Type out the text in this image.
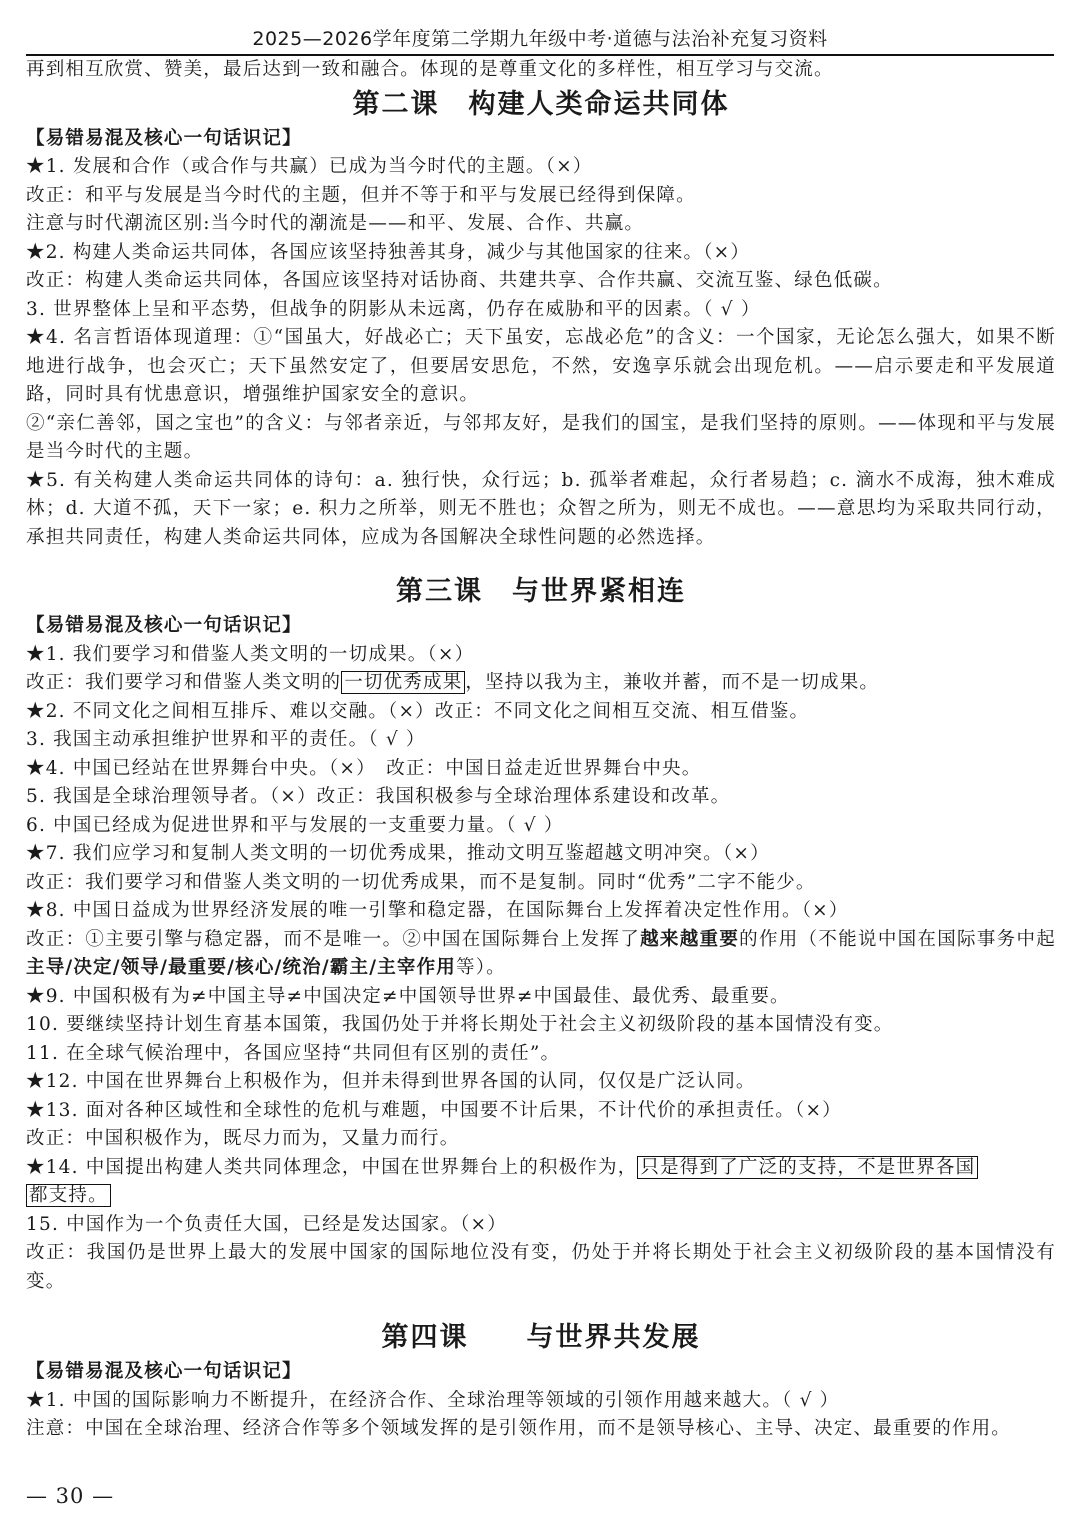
2025—2026学年度第二学期九年级中考·道德与法治补充复习资料
再到相互欣赏、赞美，最后达到一致和融合。体现的是尊重文化的多样性，相互学习与交流。
第二课　构建人类命运共同体
【易错易混及核心一句话识记】
★1. 发展和合作（或合作与共赢）已成为当今时代的主题。（×）
改正：和平与发展是当今时代的主题，但并不等于和平与发展已经得到保障。
注意与时代潮流区别:当今时代的潮流是——和平、发展、合作、共赢。
★2. 构建人类命运共同体，各国应该坚持独善其身，减少与其他国家的往来。（×）
改正：构建人类命运共同体，各国应该坚持对话协商、共建共享、合作共赢、交流互鉴、绿色低碳。
3. 世界整体上呈和平态势，但战争的阴影从未远离，仍存在威胁和平的因素。（ √ ）
★4. 名言哲语体现道理：①“国虽大，好战必亡；天下虽安，忘战必危”的含义：一个国家，无论怎么强大，如果不断地进行战争，也会灭亡；天下虽然安定了，但要居安思危，不然，安逸享乐就会出现危机。——启示要走和平发展道路，同时具有忧患意识，增强维护国家安全的意识。
②“亲仁善邻，国之宝也”的含义：与邻者亲近，与邻邦友好，是我们的国宝，是我们坚持的原则。——体现和平与发展是当今时代的主题。
★5. 有关构建人类命运共同体的诗句：a. 独行快，众行远；b. 孤举者难起，众行者易趋；c. 滴水不成海，独木难成林；d. 大道不孤，天下一家；e. 积力之所举，则无不胜也；众智之所为，则无不成也。——意思均为采取共同行动，承担共同责任，构建人类命运共同体，应成为各国解决全球性问题的必然选择。
第三课　与世界紧相连
【易错易混及核心一句话识记】
★1. 我们要学习和借鉴人类文明的一切成果。（×）
改正：我们要学习和借鉴人类文明的 一切优秀成果 ，坚持以我为主，兼收并蓄，而不是一切成果。
★2. 不同文化之间相互排斥、难以交融。（×）改正：不同文化之间相互交流、相互借鉴。
3. 我国主动承担维护世界和平的责任。（ √ ）
★4. 中国已经站在世界舞台中央。（×）　改正：中国日益走近世界舞台中央。
5. 我国是全球治理领导者。（×）改正：我国积极参与全球治理体系建设和改革。
6. 中国已经成为促进世界和平与发展的一支重要力量。（ √ ）
★7. 我们应学习和复制人类文明的一切优秀成果，推动文明互鉴超越文明冲突。（×）
改正：我们要学习和借鉴人类文明的一切优秀成果，而不是复制。同时“优秀”二字不能少。
★8. 中国日益成为世界经济发展的唯一引擎和稳定器，在国际舞台上发挥着决定性作用。（×）
改正：①主要引擎与稳定器，而不是唯一。②中国在国际舞台上发挥了越来越重要的作用（不能说中国在国际事务中起主导/决定/领导/最重要/核心/统治/霸主/主宰作用等）。
★9. 中国积极有为≠中国主导≠中国决定≠中国领导世界≠中国最佳、最优秀、最重要。
10. 要继续坚持计划生育基本国策，我国仍处于并将长期处于社会主义初级阶段的基本国情没有变。
11. 在全球气候治理中，各国应坚持“共同但有区别的责任”。
★12. 中国在世界舞台上积极作为，但并未得到世界各国的认同，仅仅是广泛认同。
★13. 面对各种区域性和全球性的危机与难题，中国要不计后果，不计代价的承担责任。（×）
改正：中国积极作为，既尽力而为，又量力而行。
★14. 中国提出构建人类共同体理念，中国在世界舞台上的积极作为， 只是得到了广泛的支持，不是世界各国
都支持。
15. 中国作为一个负责任大国，已经是发达国家。（×）
改正：我国仍是世界上最大的发展中国家的国际地位没有变，仍处于并将长期处于社会主义初级阶段的基本国情没有变。
第四课　　与世界共发展
【易错易混及核心一句话识记】
★1. 中国的国际影响力不断提升，在经济合作、全球治理等领域的引领作用越来越大。（ √ ）
注意：中国在全球治理、经济合作等多个领域发挥的是引领作用，而不是领导核心、主导、决定、最重要的作用。
— 30 —
